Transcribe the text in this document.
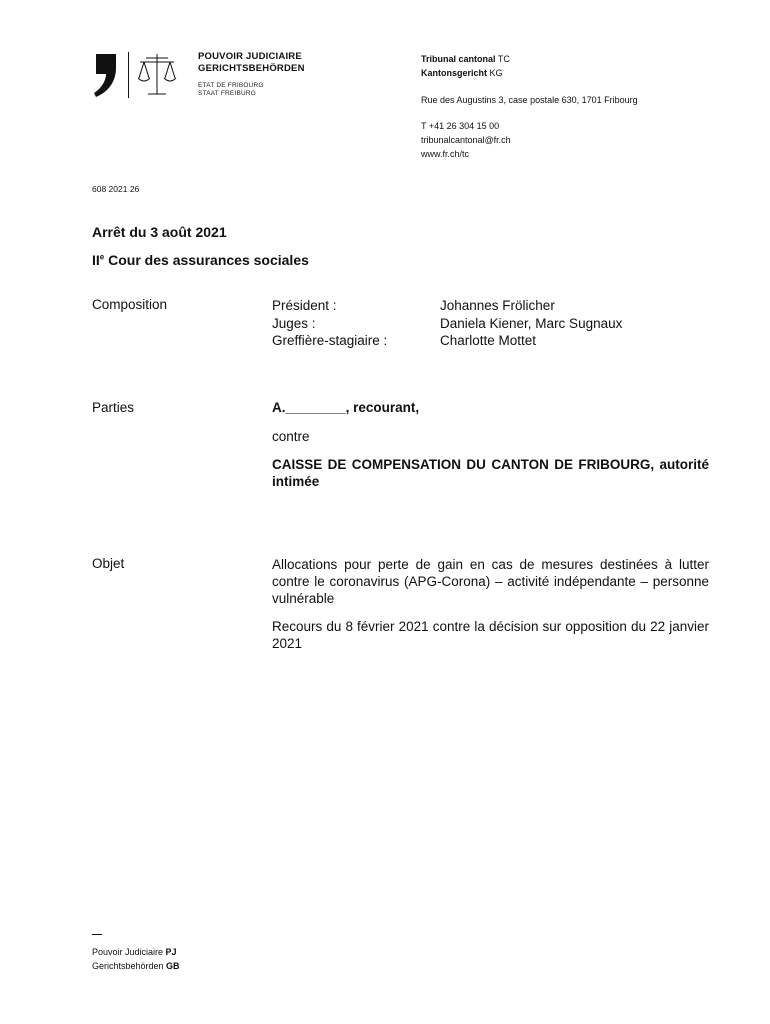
POUVOIR JUDICIAIRE
GERICHTSBEHÖRDEN
ETAT DE FRIBOURG
STAAT FREIBURG
Tribunal cantonal TC
Kantonsgericht KG
Rue des Augustins 3, case postale 630, 1701 Fribourg
T +41 26 304 15 00
tribunalcantonal@fr.ch
www.fr.ch/tc
608 2021 26
Arrêt du 3 août 2021
IIe Cour des assurances sociales
Composition	Président :	Johannes Frölicher
Juges :	Daniela Kiener, Marc Sugnaux
Greffière-stagiaire :	Charlotte Mottet
Parties	A.________, recourant,
contre
CAISSE DE COMPENSATION DU CANTON DE FRIBOURG, autorité intimée
Objet	Allocations pour perte de gain en cas de mesures destinées à lutter contre le coronavirus (APG-Corona) – activité indépendante – personne vulnérable
Recours du 8 février 2021 contre la décision sur opposition du 22 janvier 2021
Pouvoir Judiciaire PJ
Gerichtsbehörden GB
